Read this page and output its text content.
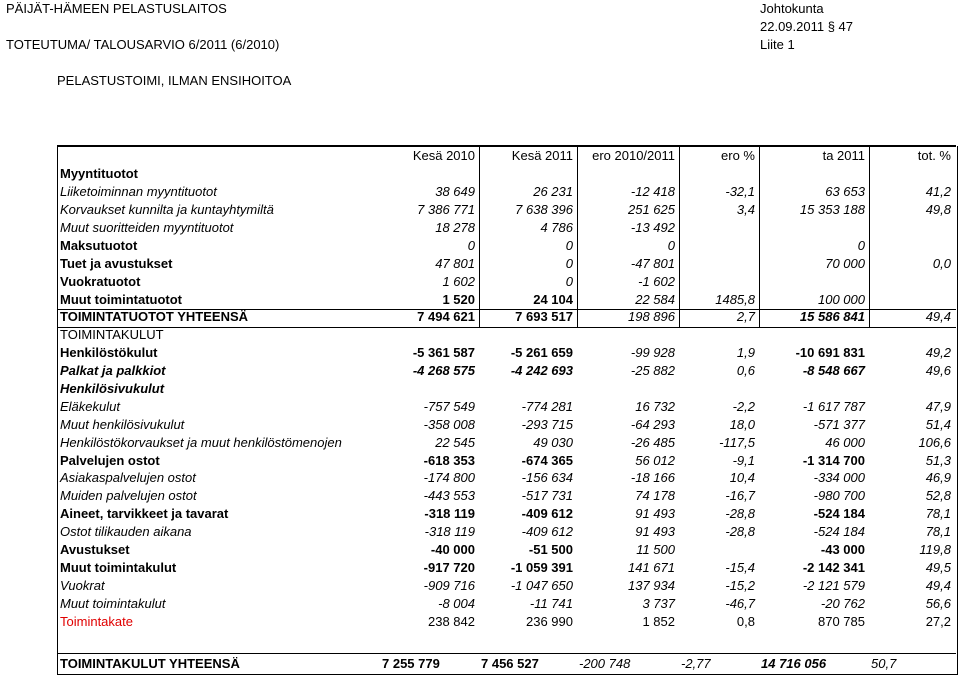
PÄIJÄT-HÄMEEN PELASTUSLAITOS
TOTEUTUMA/ TALOUSARVIO 6/2011 (6/2010)
PELASTUSTOIMI, ILMAN ENSIHOITOA
Johtokunta
22.09.2011 § 47
Liite 1
	Kesä 2010	Kesä 2011	ero 2010/2011	ero %	ta 2011	tot. %
Myyntituotot						
Liiketoiminnan myyntituotot	38 649	26 231	-12 418	-32,1	63 653	41,2
Korvaukset kunnilta ja kuntayhtymiltä	7 386 771	7 638 396	251 625	3,4	15 353 188	49,8
Muut suoritteiden myyntituotot	18 278	4 786	-13 492			
Maksutuotot	0	0	0		0	
Tuet ja avustukset	47 801	0	-47 801		70 000	0,0
Vuokratuotot	1 602	0	-1 602			
Muut toimintatuotot	1 520	24 104	22 584	1485,8	100 000	
TOIMINTATUOTOT YHTEENSÄ	7 494 621	7 693 517	198 896	2,7	15 586 841	49,4
TOIMINTAKULUT						
Henkilöstökulut	-5 361 587	-5 261 659	-99 928	1,9	-10 691 831	49,2
Palkat ja palkkiot	-4 268 575	-4 242 693	-25 882	0,6	-8 548 667	49,6
Henkilösivukulut						
Eläkekulut	-757 549	-774 281	16 732	-2,2	-1 617 787	47,9
Muut henkilösivukulut	-358 008	-293 715	-64 293	18,0	-571 377	51,4
Henkilöstökorvaukset ja muut henkilöstömenojen	22 545	49 030	-26 485	-117,5	46 000	106,6
Palvelujen ostot	-618 353	-674 365	56 012	-9,1	-1 314 700	51,3
Asiakaspalvelujen ostot	-174 800	-156 634	-18 166	10,4	-334 000	46,9
Muiden palvelujen ostot	-443 553	-517 731	74 178	-16,7	-980 700	52,8
Aineet, tarvikkeet ja tavarat	-318 119	-409 612	91 493	-28,8	-524 184	78,1
Ostot tilikauden aikana	-318 119	-409 612	91 493	-28,8	-524 184	78,1
Avustukset	-40 000	-51 500	11 500		-43 000	119,8
Muut toimintakulut	-917 720	-1 059 391	141 671	-15,4	-2 142 341	49,5
Vuokrat	-909 716	-1 047 650	137 934	-15,2	-2 121 579	49,4
Muut toimintakulut	-8 004	-11 741	3 737	-46,7	-20 762	56,6
Toimintakate	238 842	236 990	1 852	0,8	870 785	27,2
TOIMINTAKULUT YHTEENSÄ	7 255 779	7 456 527	-200 748	-2,77	14 716 056	50,7
